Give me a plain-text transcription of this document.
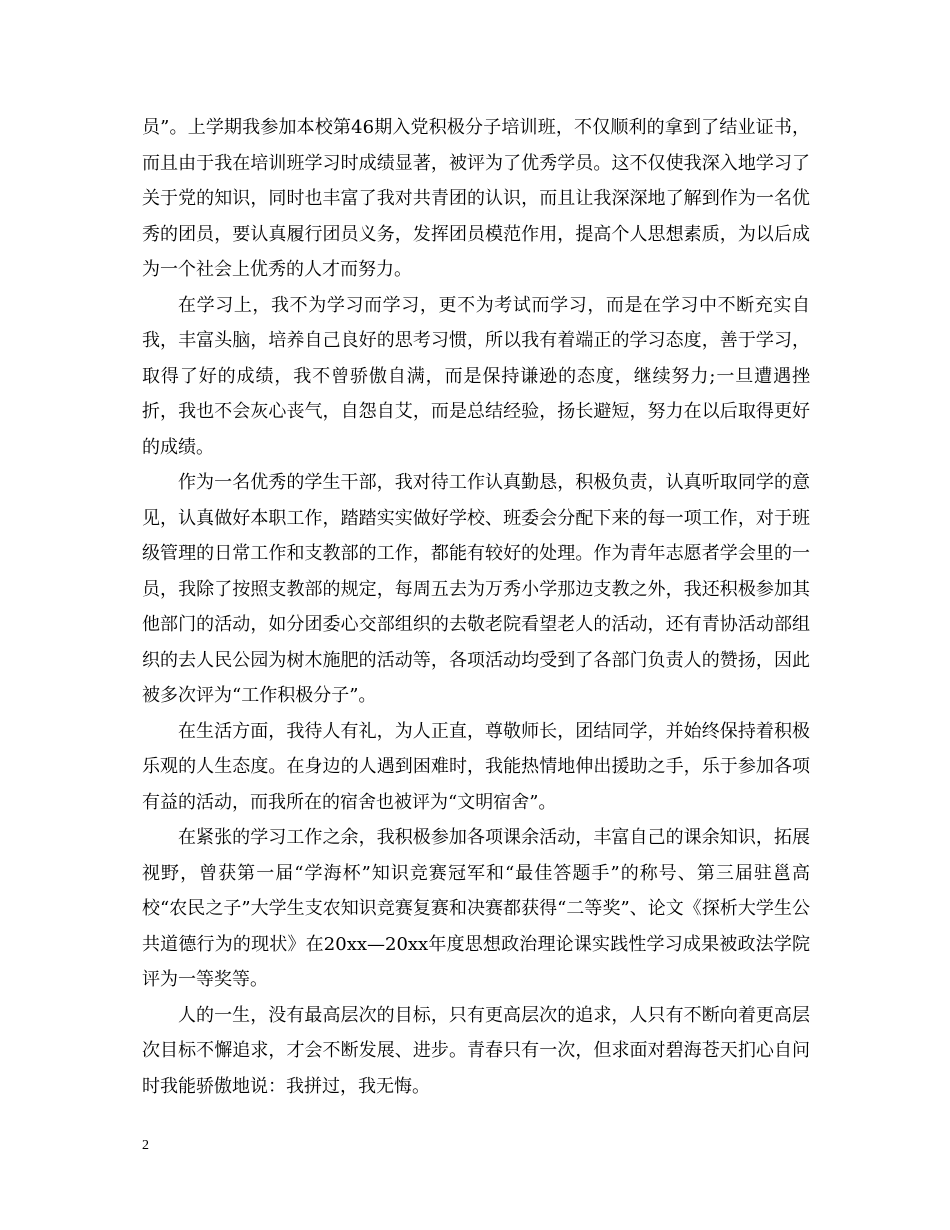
员”。上学期我参加本校第46期入党积极分子培训班，不仅顺利的拿到了结业证书，而且由于我在培训班学习时成绩显著，被评为了优秀学员。这不仅使我深入地学习了关于党的知识，同时也丰富了我对共青团的认识，而且让我深深地了解到作为一名优秀的团员，要认真履行团员义务，发挥团员模范作用，提高个人思想素质，为以后成为一个社会上优秀的人才而努力。

在学习上，我不为学习而学习，更不为考试而学习，而是在学习中不断充实自我，丰富头脑，培养自己良好的思考习惯，所以我有着端正的学习态度，善于学习，取得了好的成绩，我不曾骄傲自满，而是保持谦逊的态度，继续努力;一旦遭遇挫折，我也不会灰心丧气，自怨自艾，而是总结经验，扬长避短，努力在以后取得更好的成绩。

作为一名优秀的学生干部，我对待工作认真勤恳，积极负责，认真听取同学的意见，认真做好本职工作，踏踏实实做好学校、班委会分配下来的每一项工作，对于班级管理的日常工作和支教部的工作，都能有较好的处理。作为青年志愿者学会里的一员，我除了按照支教部的规定，每周五去为万秀小学那边支教之外，我还积极参加其他部门的活动，如分团委心交部组织的去敬老院看望老人的活动，还有青协活动部组织的去人民公园为树木施肥的活动等，各项活动均受到了各部门负责人的赞扬，因此被多次评为“工作积极分子”。

在生活方面，我待人有礼，为人正直，尊敬师长，团结同学，并始终保持着积极乐观的人生态度。在身边的人遇到困难时，我能热情地伸出援助之手，乐于参加各项有益的活动，而我所在的宿舍也被评为“文明宿舍”。

在紧张的学习工作之余，我积极参加各项课余活动，丰富自己的课余知识，拓展视野，曾获第一届“学海杯”知识竞赛冠军和“最佳答题手”的称号、第三届驻邕高校“农民之子”大学生支农知识竞赛复赛和决赛都获得“二等奖”、论文《探析大学生公共道德行为的现状》在20xx—20xx年度思想政治理论课实践性学习成果被政法学院评为一等奖等。

人的一生，没有最高层次的目标，只有更高层次的追求，人只有不断向着更高层次目标不懈追求，才会不断发展、进步。青春只有一次，但求面对碧海苍天扪心自问时我能骄傲地说：我拼过，我无悔。

2
